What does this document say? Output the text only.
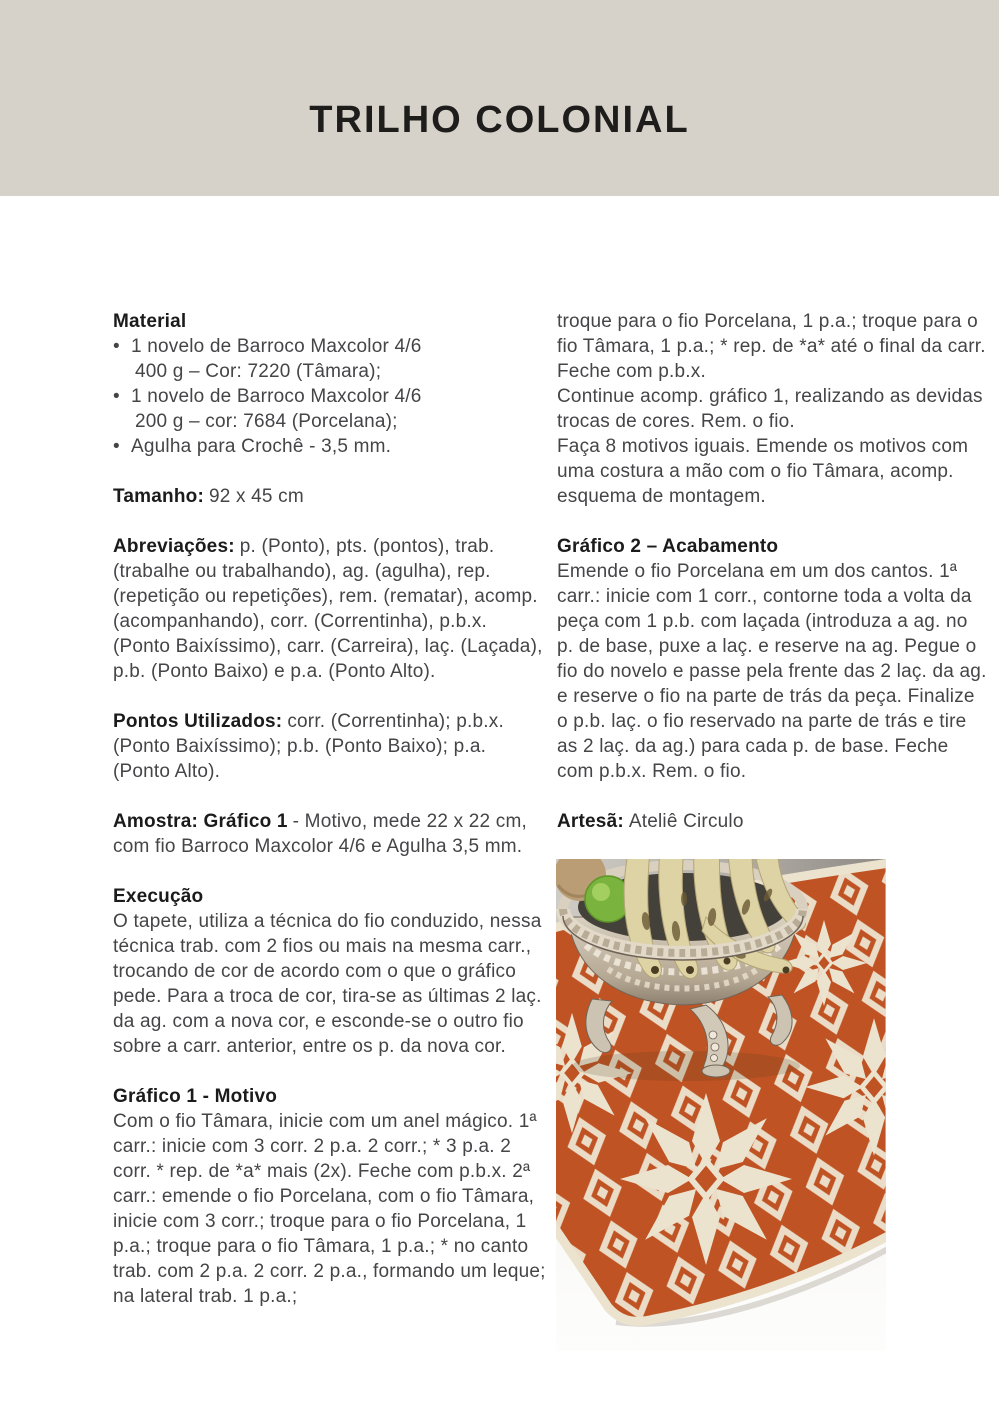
TRILHO COLONIAL
Material
• 1 novelo de Barroco Maxcolor 4/6
400 g – Cor: 7220 (Tâmara);
• 1 novelo de Barroco Maxcolor 4/6
200 g – cor: 7684 (Porcelana);
• Agulha para Crochê - 3,5 mm.

Tamanho: 92 x 45 cm

Abreviações: p. (Ponto), pts. (pontos), trab. (trabalhe ou trabalhando), ag. (agulha), rep. (repetição ou repetições), rem. (rematar), acomp. (acompanhando), corr. (Correntinha), p.b.x. (Ponto Baixíssimo), carr. (Carreira), laç. (Laçada), p.b. (Ponto Baixo) e p.a. (Ponto Alto).

Pontos Utilizados: corr. (Correntinha); p.b.x. (Ponto Baixíssimo); p.b. (Ponto Baixo); p.a. (Ponto Alto).

Amostra: Gráfico 1 - Motivo, mede 22 x 22 cm, com fio Barroco Maxcolor 4/6 e Agulha 3,5 mm.

Execução

O tapete, utiliza a técnica do fio conduzido, nessa técnica trab. com 2 fios ou mais na mesma carr., trocando de cor de acordo com o que o gráfico pede. Para a troca de cor, tira-se as últimas 2 laç. da ag. com a nova cor, e esconde-se o outro fio sobre a carr. anterior, entre os p. da nova cor.

Gráfico 1 - Motivo

Com o fio Tâmara, inicie com um anel mágico. 1ª carr.: inicie com 3 corr. 2 p.a. 2 corr.; * 3 p.a. 2 corr. * rep. de *a* mais (2x). Feche com p.b.x. 2ª carr.: emende o fio Porcelana, com o fio Tâmara, inicie com 3 corr.; troque para o fio Porcelana, 1 p.a.; troque para o fio Tâmara, 1 p.a.; * no canto trab. com 2 p.a. 2 corr. 2 p.a., formando um leque; na lateral trab. 1 p.a.;

troque para o fio Porcelana, 1 p.a.; troque para o fio Tâmara, 1 p.a.; * rep. de *a* até o final da carr. Feche com p.b.x.

Continue acomp. gráfico 1, realizando as devidas trocas de cores. Rem. o fio.

Faça 8 motivos iguais. Emende os motivos com uma costura a mão com o fio Tâmara, acomp. esquema de montagem.

Gráfico 2 – Acabamento

Emende o fio Porcelana em um dos cantos. 1ª carr.: inicie com 1 corr., contorne toda a volta da peça com 1 p.b. com laçada (introduza a ag. no p. de base, puxe a laç. e reserve na ag. Pegue o fio do novelo e passe pela frente das 2 laç. da ag. e reserve o fio na parte de trás da peça. Finalize o p.b. laç. o fio reservado na parte de trás e tire as 2 laç. da ag.) para cada p. de base. Feche com p.b.x. Rem. o fio.

Artesã: Ateliê Circulo
